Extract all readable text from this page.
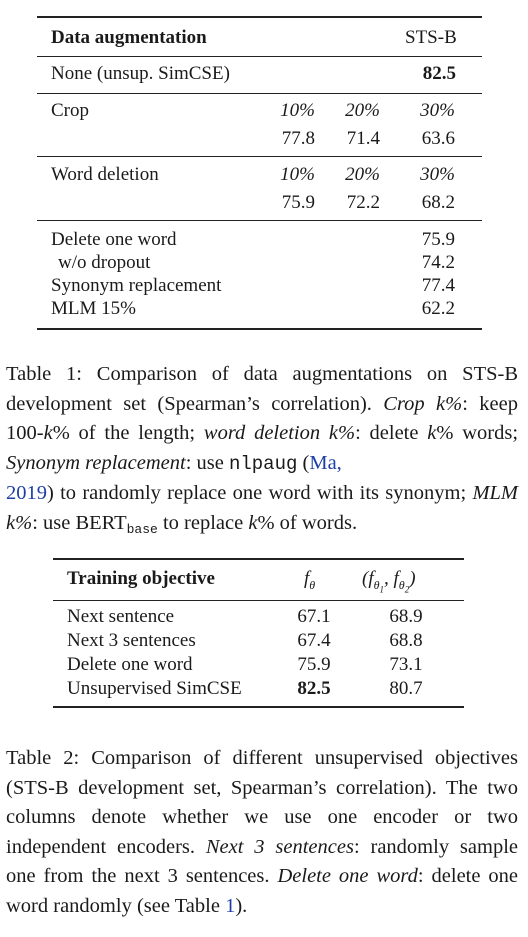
Data augmentation	STS-B
None (unsup. SimCSE)	82.5
Crop	10%	20%	30%
77.8	71.4	63.6
Word deletion	10%	20%	30%
75.9	72.2	68.2
Delete one word	75.9
w/o dropout	74.2
Synonym replacement	77.4
MLM 15%	62.2
Table 1: Comparison of data augmentations on STS-B development set (Spearman’s correlation). Crop k%: keep 100-k% of the length; word deletion k%: delete k% words; Synonym replacement: use nlpaug (Ma,
2019) to randomly replace one word with its synonym; MLM k%: use $BERT_{base}$ to replace k% of words.
Training objective	$f_\theta$ ($f_{\theta_1}$, $f_{\theta_2}$)
Next sentence	67.1	68.9
Next 3 sentences	67.4	68.8
Delete one word	75.9	73.1
Unsupervised SimCSE	82.5	80.7
Table 2: Comparison of different unsupervised objectives (STS-B development set, Spearman’s correlation). The two columns denote whether we use one encoder or two independent encoders. Next 3 sentences: randomly sample one from the next 3 sentences. Delete one word: delete one word randomly (see Table 1).
